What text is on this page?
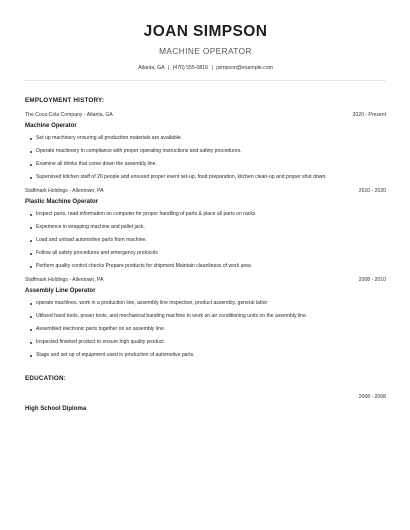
JOAN SIMPSON
MACHINE OPERATOR
Atlanta, GA | (470) 555-0816 | jsimpson@example.com
EMPLOYMENT HISTORY:
The Coca-Cola Company - Atlanta, GA	2020 - Present
Machine Operator
Set up machinery ensuring all production materials are available.
Operate machinery in compliance with proper operating instructions and safety procedures.
Examine all drinks that come down the assembly line.
Supervised kitchen staff of 20 people and ensured proper event set-up, food preparation, kitchen clean-up and proper shut down.
Staffmark Holdings - Allentown, PA	2010 - 2020
Plastic Machine Operator
Inspect parts, read information on computer for proper handling of parts & place all parts on racks
Experience in wrapping machine and pallet jack.
Load and unload automotive parts from machine.
Follow all safety procedures and emergency protocols
Perform quality control checks Prepare products for shipment Maintain cleanliness of work area
Staffmark Holdings - Allentown, PA	2008 - 2010
Assembly Line Operator
operate machines, work in a production line, assembly line inspection, product assembly, general labor
Utilized hand tools, power tools, and mechanical banding machine to work on air conditioning units on the assembly line.
Assembled electronic parts together on an assembly line.
Inspected finished product to ensure high quality product.
Stage and set up of equipment used in production of automotive parts.
EDUCATION:
High School Diploma
2008 - 2008
